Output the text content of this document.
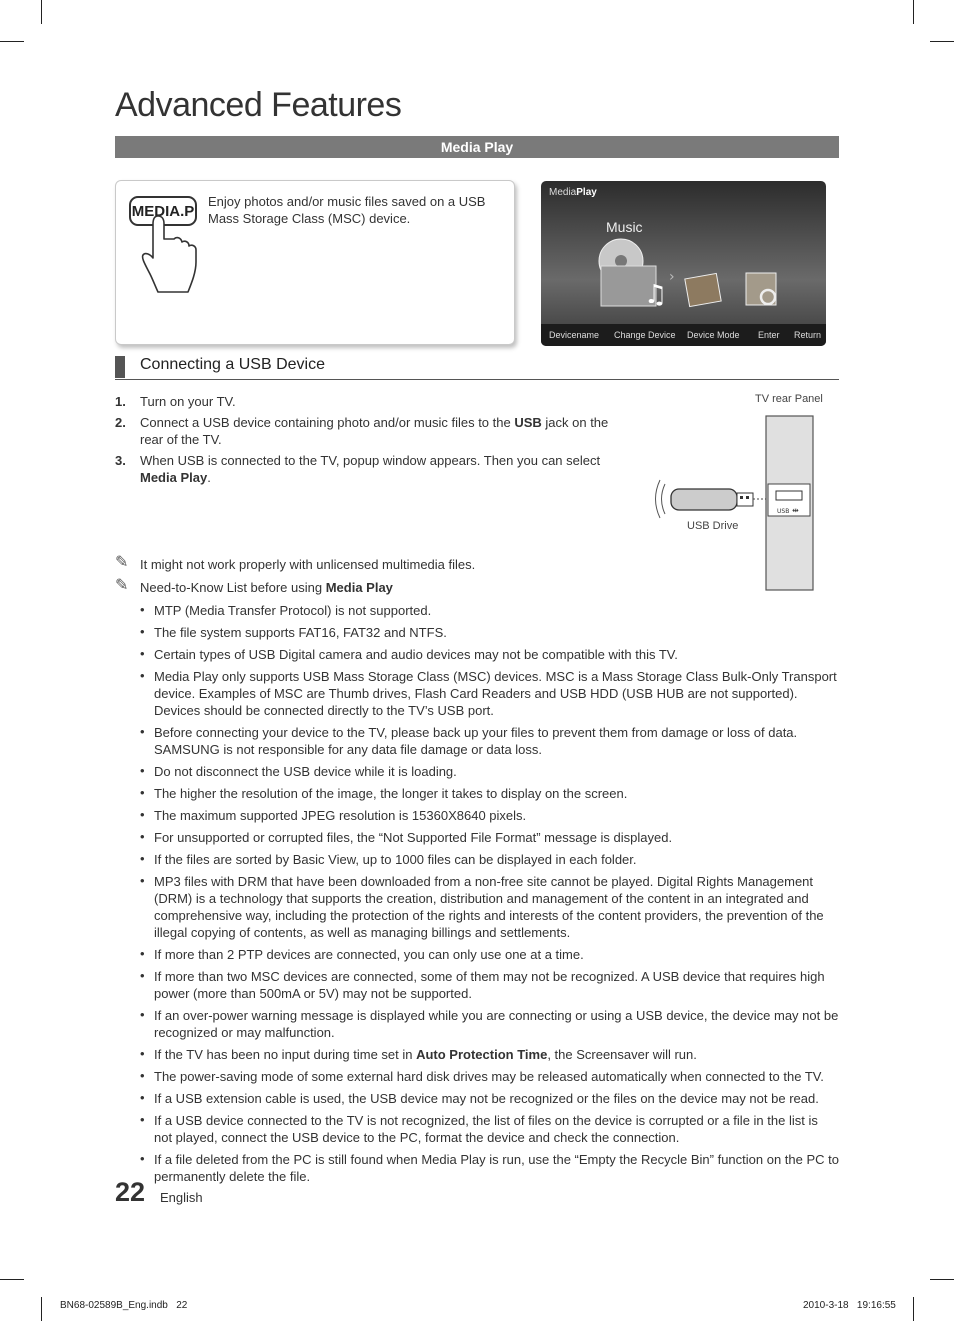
Advanced Features
Media Play
MEDIA.P
Enjoy photos and/or music files saved on a USB Mass Storage Class (MSC) device.
MediaPlay
Music
♫
›
Devicename Change Device Device Mode Enter Return
Connecting a USB Device
1. Turn on your TV.
2. Connect a USB device containing photo and/or music files to the USB jack on the rear of the TV.
3. When USB is connected to the TV, popup window appears. Then you can select Media Play.
TV rear Panel
USB ⇹
USB Drive
✎ It might not work properly with unlicensed multimedia files.
✎ Need-to-Know List before using Media Play
• MTP (Media Transfer Protocol) is not supported.
• The file system supports FAT16, FAT32 and NTFS.
• Certain types of USB Digital camera and audio devices may not be compatible with this TV.
• Media Play only supports USB Mass Storage Class (MSC) devices. MSC is a Mass Storage Class Bulk-Only Transport device. Examples of MSC are Thumb drives, Flash Card Readers and USB HDD (USB HUB are not supported). Devices should be connected directly to the TV’s USB port.
• Before connecting your device to the TV, please back up your files to prevent them from damage or loss of data. SAMSUNG is not responsible for any data file damage or data loss.
• Do not disconnect the USB device while it is loading.
• The higher the resolution of the image, the longer it takes to display on the screen.
• The maximum supported JPEG resolution is 15360X8640 pixels.
• For unsupported or corrupted files, the “Not Supported File Format” message is displayed.
• If the files are sorted by Basic View, up to 1000 files can be displayed in each folder.
• MP3 files with DRM that have been downloaded from a non-free site cannot be played. Digital Rights Management (DRM) is a technology that supports the creation, distribution and management of the content in an integrated and comprehensive way, including the protection of the rights and interests of the content providers, the prevention of the illegal copying of contents, as well as managing billings and settlements.
• If more than 2 PTP devices are connected, you can only use one at a time.
• If more than two MSC devices are connected, some of them may not be recognized. A USB device that requires high power (more than 500mA or 5V) may not be supported.
• If an over-power warning message is displayed while you are connecting or using a USB device, the device may not be recognized or may malfunction.
• If the TV has been no input during time set in Auto Protection Time, the Screensaver will run.
• The power-saving mode of some external hard disk drives may be released automatically when connected to the TV.
• If a USB extension cable is used, the USB device may not be recognized or the files on the device may not be read.
• If a USB device connected to the TV is not recognized, the list of files on the device is corrupted or a file in the list is not played, connect the USB device to the PC, format the device and check the connection.
• If a file deleted from the PC is still found when Media Play is run, use the “Empty the Recycle Bin” function on the PC to permanently delete the file.
22 English
BN68-02589B_Eng.indb   22	2010-3-18   19:16:55
